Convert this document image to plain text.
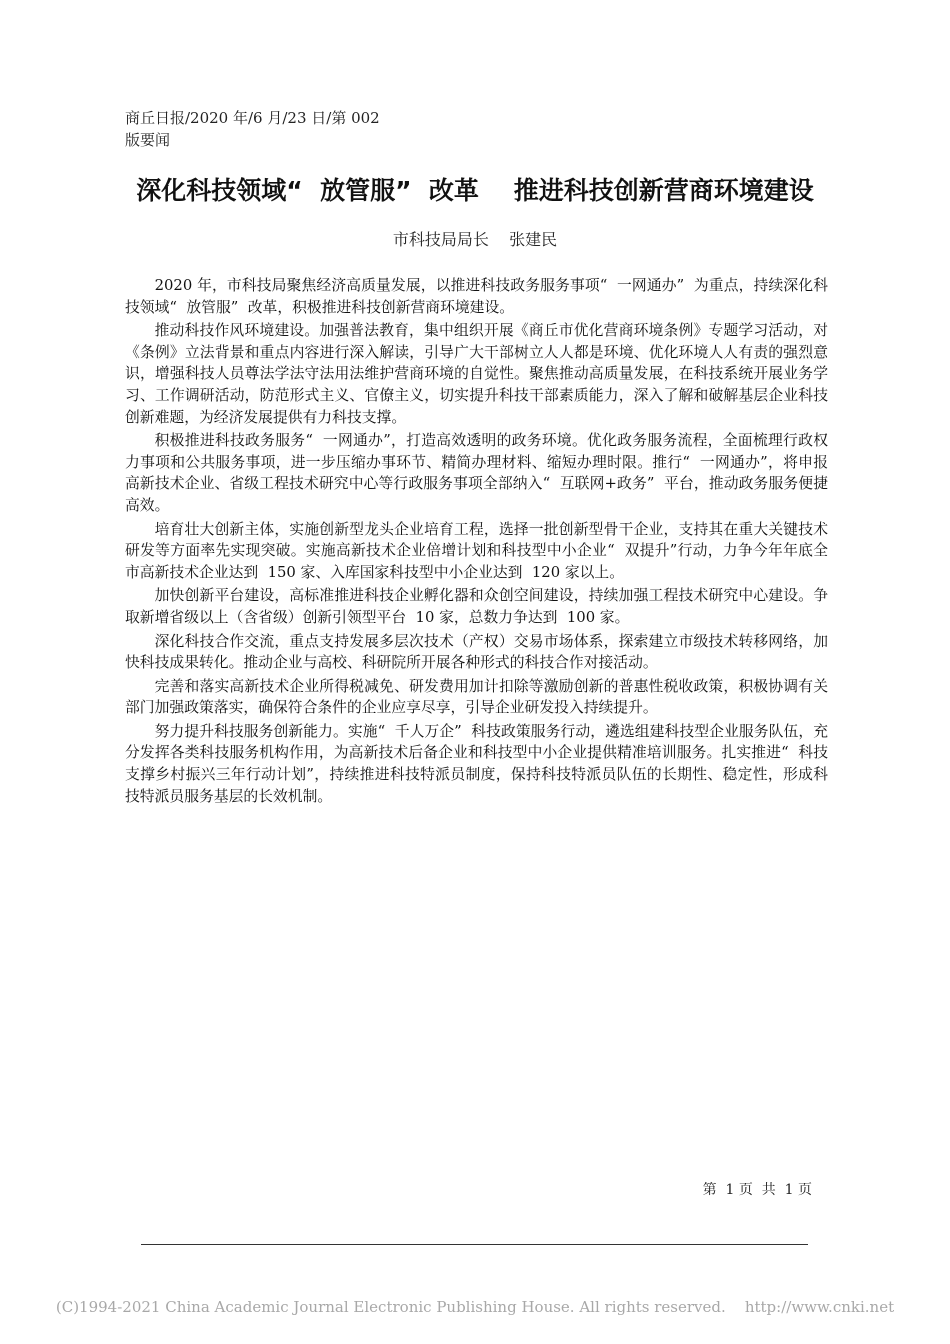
商丘日报/2020 年/6 月/23 日/第 002
版要闻
深化科技领域“  放管服”  改革    推进科技创新营商环境建设
市科技局局长    张建民

2020 年，市科技局聚焦经济高质量发展，以推进科技政务服务事项“  一网通办”  为重点，持续深化科技领域“  放管服”  改革，积极推进科技创新营商环境建设。

推动科技作风环境建设。加强普法教育，集中组织开展《商丘市优化营商环境条例》专题学习活动，对《条例》立法背景和重点内容进行深入解读，引导广大干部树立人人都是环境、优化环境人人有责的强烈意识，增强科技人员尊法学法守法用法维护营商环境的自觉性。聚焦推动高质量发展，在科技系统开展业务学习、工作调研活动，防范形式主义、官僚主义，切实提升科技干部素质能力，深入了解和破解基层企业科技创新难题，为经济发展提供有力科技支撑。

积极推进科技政务服务“  一网通办”，打造高效透明的政务环境。优化政务服务流程，全面梳理行政权力事项和公共服务事项，进一步压缩办事环节、精简办理材料、缩短办理时限。推行“  一网通办”，将申报高新技术企业、省级工程技术研究中心等行政服务事项全部纳入“  互联网+政务”  平台，推动政务服务便捷高效。

培育壮大创新主体，实施创新型龙头企业培育工程，选择一批创新型骨干企业，支持其在重大关键技术研发等方面率先实现突破。实施高新技术企业倍增计划和科技型中小企业“  双提升”行动，力争今年年底全市高新技术企业达到  150 家、入库国家科技型中小企业达到  120 家以上。

加快创新平台建设，高标准推进科技企业孵化器和众创空间建设，持续加强工程技术研究中心建设。争取新增省级以上（含省级）创新引领型平台  10 家，总数力争达到  100 家。

深化科技合作交流，重点支持发展多层次技术（产权）交易市场体系，探索建立市级技术转移网络，加快科技成果转化。推动企业与高校、科研院所开展各种形式的科技合作对接活动。

完善和落实高新技术企业所得税减免、研发费用加计扣除等激励创新的普惠性税收政策，积极协调有关部门加强政策落实，确保符合条件的企业应享尽享，引导企业研发投入持续提升。

努力提升科技服务创新能力。实施“  千人万企”  科技政策服务行动，遴选组建科技型企业服务队伍，充分发挥各类科技服务机构作用，为高新技术后备企业和科技型中小企业提供精准培训服务。扎实推进“  科技支撑乡村振兴三年行动计划”，持续推进科技特派员制度，保持科技特派员队伍的长期性、稳定性，形成科技特派员服务基层的长效机制。

第  1 页  共  1 页
(C)1994-2021 China Academic Journal Electronic Publishing House. All rights reserved.    http://www.cnki.net
